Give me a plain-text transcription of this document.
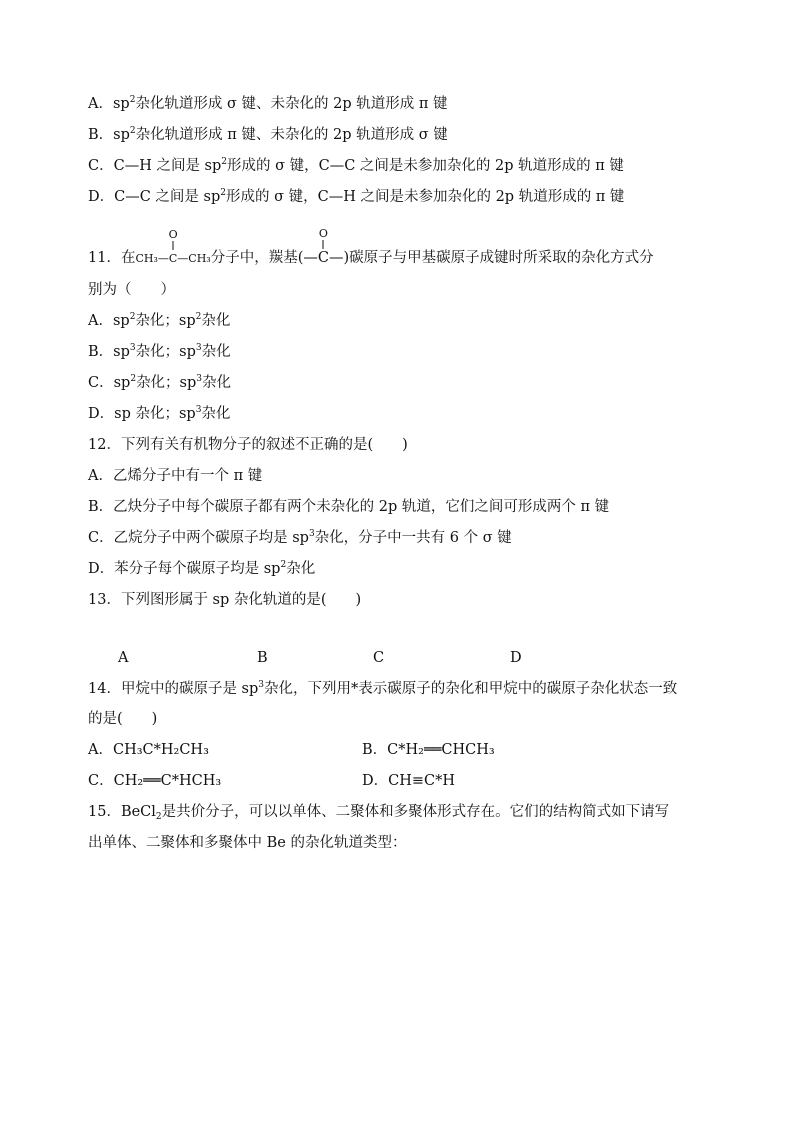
A．$sp^2$杂化轨道形成 σ 键、未杂化的 2p 轨道形成 π 键
B．$sp^2$杂化轨道形成 π 键、未杂化的 2p 轨道形成 σ 键
C．C—H 之间是 $sp^2$形成的 σ 键，C—C 之间是未参加杂化的 2p 轨道形成的 π 键
D．C—C 之间是 $sp^2$形成的 σ 键，C—H 之间是未参加杂化的 2p 轨道形成的 π 键
11．在CH₃—
O
C—CH₃分子中，羰基(—
O
C—)碳原子与甲基碳原子成键时所采取的杂化方式分
别为（　　）
A．$sp^2$杂化；$sp^2$杂化
B．$sp^3$杂化；$sp^3$杂化
C．$sp^2$杂化；$sp^3$杂化
D．sp 杂化；$sp^3$杂化
12．下列有关有机物分子的叙述不正确的是(　　)
A．乙烯分子中有一个 π 键
B．乙炔分子中每个碳原子都有两个未杂化的 2p 轨道，它们之间可形成两个 π 键
C．乙烷分子中两个碳原子均是 $sp^3$杂化，分子中一共有 6 个 σ 键
D．苯分子每个碳原子均是 $sp^2$杂化
13．下列图形属于 sp 杂化轨道的是(　　)
A	B	C	D
14．甲烷中的碳原子是 $sp^3$杂化，下列用*表示碳原子的杂化和甲烷中的碳原子杂化状态一致
的是(　　)
A．CH₃C*H₂CH₃	B．C*H₂══CHCH₃
C．CH₂══C*HCH₃	D．CH≡C*H
15．BeCl$_2$是共价分子，可以以单体、二聚体和多聚体形式存在。它们的结构简式如下请写
出单体、二聚体和多聚体中 Be 的杂化轨道类型：
